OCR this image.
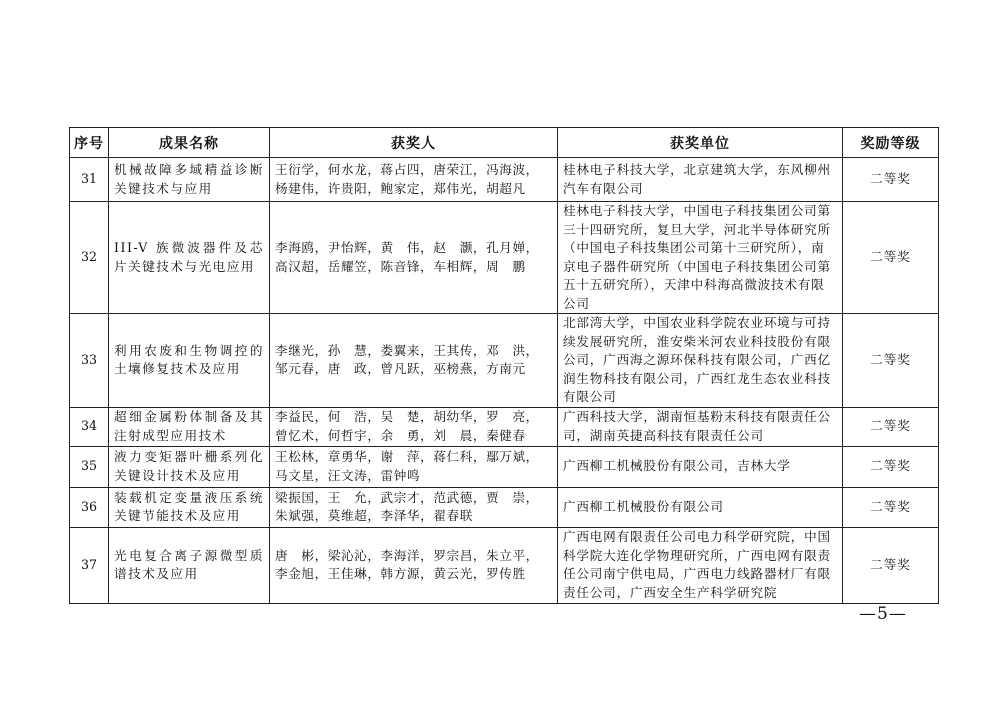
序号	成果名称	获奖人	获奖单位	奖励等级
31	机械故障多域精益诊断关键技术与应用	王衍学，何水龙，蒋占四，唐荣江，冯海波，
杨建伟，许贵阳，鲍家定，郑伟光，胡超凡	桂林电子科技大学，北京建筑大学，东风柳州汽车有限公司	二等奖
32	III-V 族微波器件及芯片关键技术与光电应用	李海鸥，尹怡辉，黄　伟，赵　灏，孔月婵，
高汉超，岳耀笠，陈音锋，车相辉，周　鹏	桂林电子科技大学，中国电子科技集团公司第三十四研究所，复旦大学，河北半导体研究所（中国电子科技集团公司第十三研究所），南京电子器件研究所（中国电子科技集团公司第五十五研究所），天津中科海高微波技术有限公司	二等奖
33	利用农废和生物调控的土壤修复技术及应用	李继光，孙　慧，娄翼来，王其传，邓　洪，
邹元春，唐　政，曾凡跃，巫榜燕，方南元	北部湾大学，中国农业科学院农业环境与可持续发展研究所，淮安柴米河农业科技股份有限公司，广西海之源环保科技有限公司，广西亿润生物科技有限公司，广西红龙生态农业科技有限公司	二等奖
34	超细金属粉体制备及其注射成型应用技术	李益民，何　浩，吴　楚，胡幼华，罗　亮，
曾忆术，何哲宇，余　勇，刘　晨，秦健春	广西科技大学，湖南恒基粉末科技有限责任公司，湖南英捷高科技有限责任公司	二等奖
35	液力变矩器叶栅系列化关键设计技术及应用	王松林，章勇华，谢　萍，蒋仁科，鄢万斌，
马文星，汪文涛，雷钟鸣	广西柳工机械股份有限公司，吉林大学	二等奖
36	装载机定变量液压系统关键节能技术及应用	梁振国，王　允，武宗才，范武德，贾　崇，
朱斌强，莫维超，李泽华，翟春联	广西柳工机械股份有限公司	二等奖
37	光电复合离子源微型质谱技术及应用	唐　彬，梁沁沁，李海洋，罗宗昌，朱立平，
李金旭，王佳琳，韩方源，黄云光，罗传胜	广西电网有限责任公司电力科学研究院，中国科学院大连化学物理研究所，广西电网有限责任公司南宁供电局，广西电力线路器材厂有限责任公司，广西安全生产科学研究院	二等奖
—5—
